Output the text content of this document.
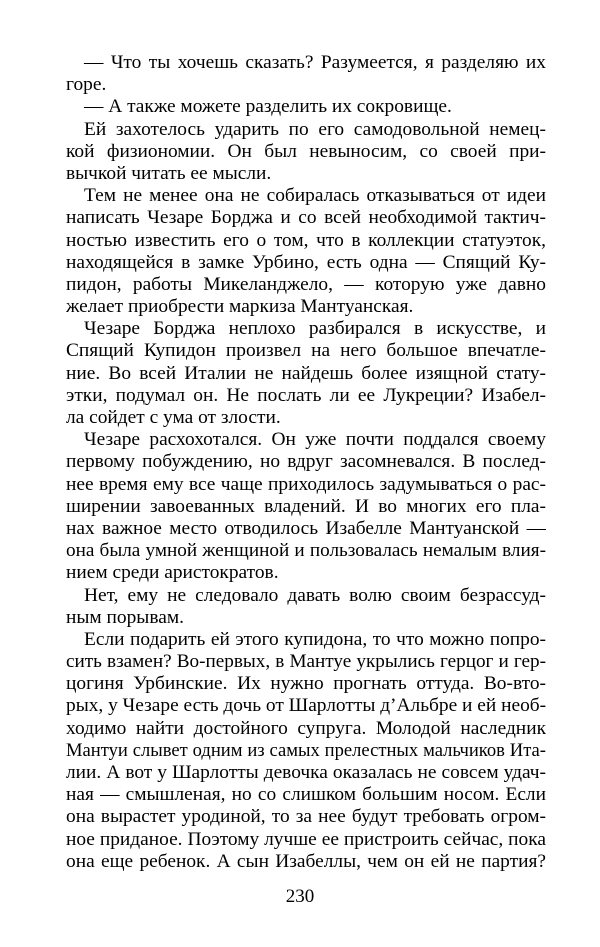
— Что ты хочешь сказать? Разумеется, я разделяю их
горе.
— А также можете разделить их сокровище.
Ей захотелось ударить по его самодовольной немец-
кой физиономии. Он был невыносим, со своей при-
вычкой читать ее мысли.
Тем не менее она не собиралась отказываться от идеи
написать Чезаре Борджа и со всей необходимой тактич-
ностью известить его о том, что в коллекции статуэток,
находящейся в замке Урбино, есть одна — Спящий Ку-
пидон, работы Микеланджело, — которую уже давно
желает приобрести маркиза Мантуанская.
Чезаре Борджа неплохо разбирался в искусстве, и
Спящий Купидон произвел на него большое впечатле-
ние. Во всей Италии не найдешь более изящной стату-
этки, подумал он. Не послать ли ее Лукреции? Изабел-
ла сойдет с ума от злости.
Чезаре расхохотался. Он уже почти поддался своему
первому побуждению, но вдруг засомневался. В послед-
нее время ему все чаще приходилось задумываться о рас-
ширении завоеванных владений. И во многих его пла-
нах важное место отводилось Изабелле Мантуанской —
она была умной женщиной и пользовалась немалым влия-
нием среди аристократов.
Нет, ему не следовало давать волю своим безрассуд-
ным порывам.
Если подарить ей этого купидона, то что можно попро-
сить взамен? Во-первых, в Мантуе укрылись герцог и гер-
цогиня Урбинские. Их нужно прогнать оттуда. Во-вто-
рых, у Чезаре есть дочь от Шарлотты д’Альбре и ей необ-
ходимо найти достойного супруга. Молодой наследник
Мантуи слывет одним из самых прелестных мальчиков Ита-
лии. А вот у Шарлотты девочка оказалась не совсем удач-
ная — смышленая, но со слишком большим носом. Если
она вырастет уродиной, то за нее будут требовать огром-
ное приданое. Поэтому лучше ее пристроить сейчас, пока
она еще ребенок. А сын Изабеллы, чем он ей не партия?
230
